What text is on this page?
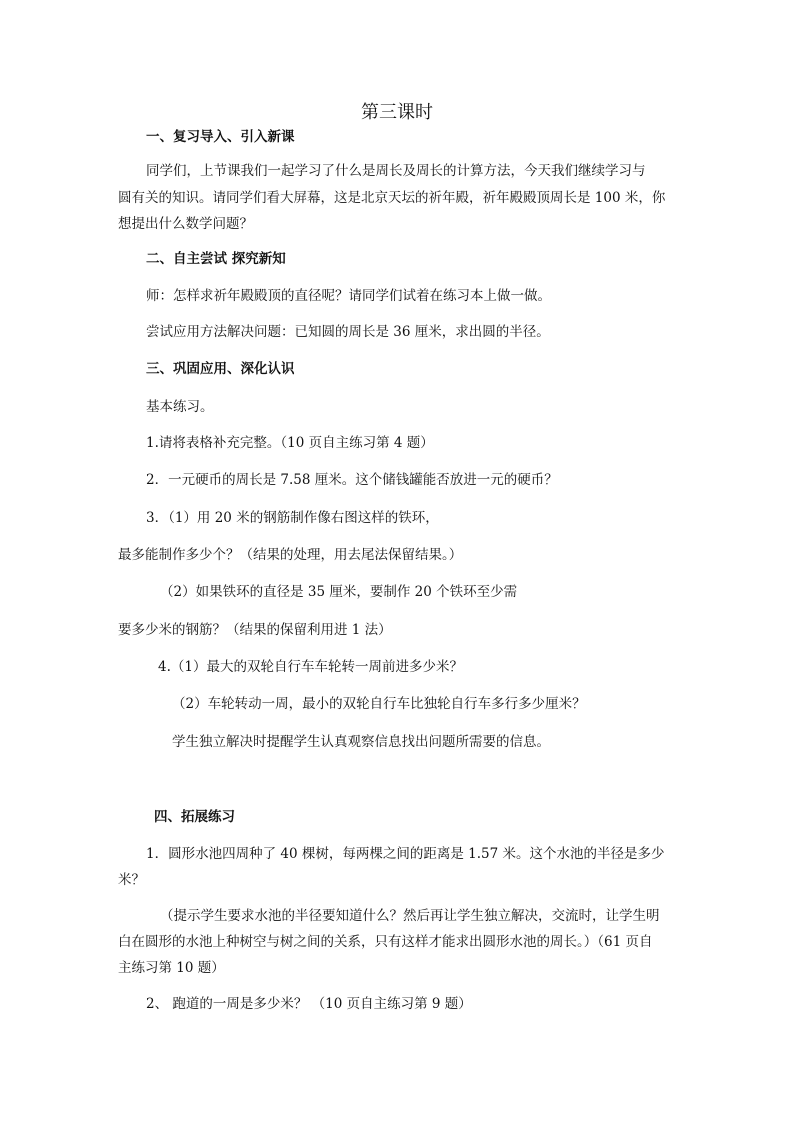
第三课时
一、复习导入、引入新课
同学们，上节课我们一起学习了什么是周长及周长的计算方法，今天我们继续学习与
圆有关的知识。请同学们看大屏幕，这是北京天坛的祈年殿，祈年殿殿顶周长是 100 米，你
想提出什么数学问题？
二、自主尝试 探究新知
师：怎样求祈年殿殿顶的直径呢？请同学们试着在练习本上做一做。
尝试应用方法解决问题：已知圆的周长是 36 厘米，求出圆的半径。
三、巩固应用、深化认识
基本练习。
1.请将表格补充完整。（10 页自主练习第 4 题）
2．一元硬币的周长是 7.58 厘米。这个储钱罐能否放进一元的硬币？
3．（1）用 20 米的钢筋制作像右图这样的铁环，
最多能制作多少个？（结果的处理，用去尾法保留结果。）
（2）如果铁环的直径是 35 厘米，要制作 20 个铁环至少需
要多少米的钢筋？（结果的保留利用进 1 法）
4.（1）最大的双轮自行车车轮转一周前进多少米？
（2）车轮转动一周，最小的双轮自行车比独轮自行车多行多少厘米？
学生独立解决时提醒学生认真观察信息找出问题所需要的信息。
四、拓展练习
1．圆形水池四周种了 40 棵树，每两棵之间的距离是 1.57 米。这个水池的半径是多少
米？
（提示学生要求水池的半径要知道什么？然后再让学生独立解决，交流时，让学生明
白在圆形的水池上种树空与树之间的关系，只有这样才能求出圆形水池的周长。）（61 页自
主练习第 10 题）
2、 跑道的一周是多少米？ （10 页自主练习第 9 题）
